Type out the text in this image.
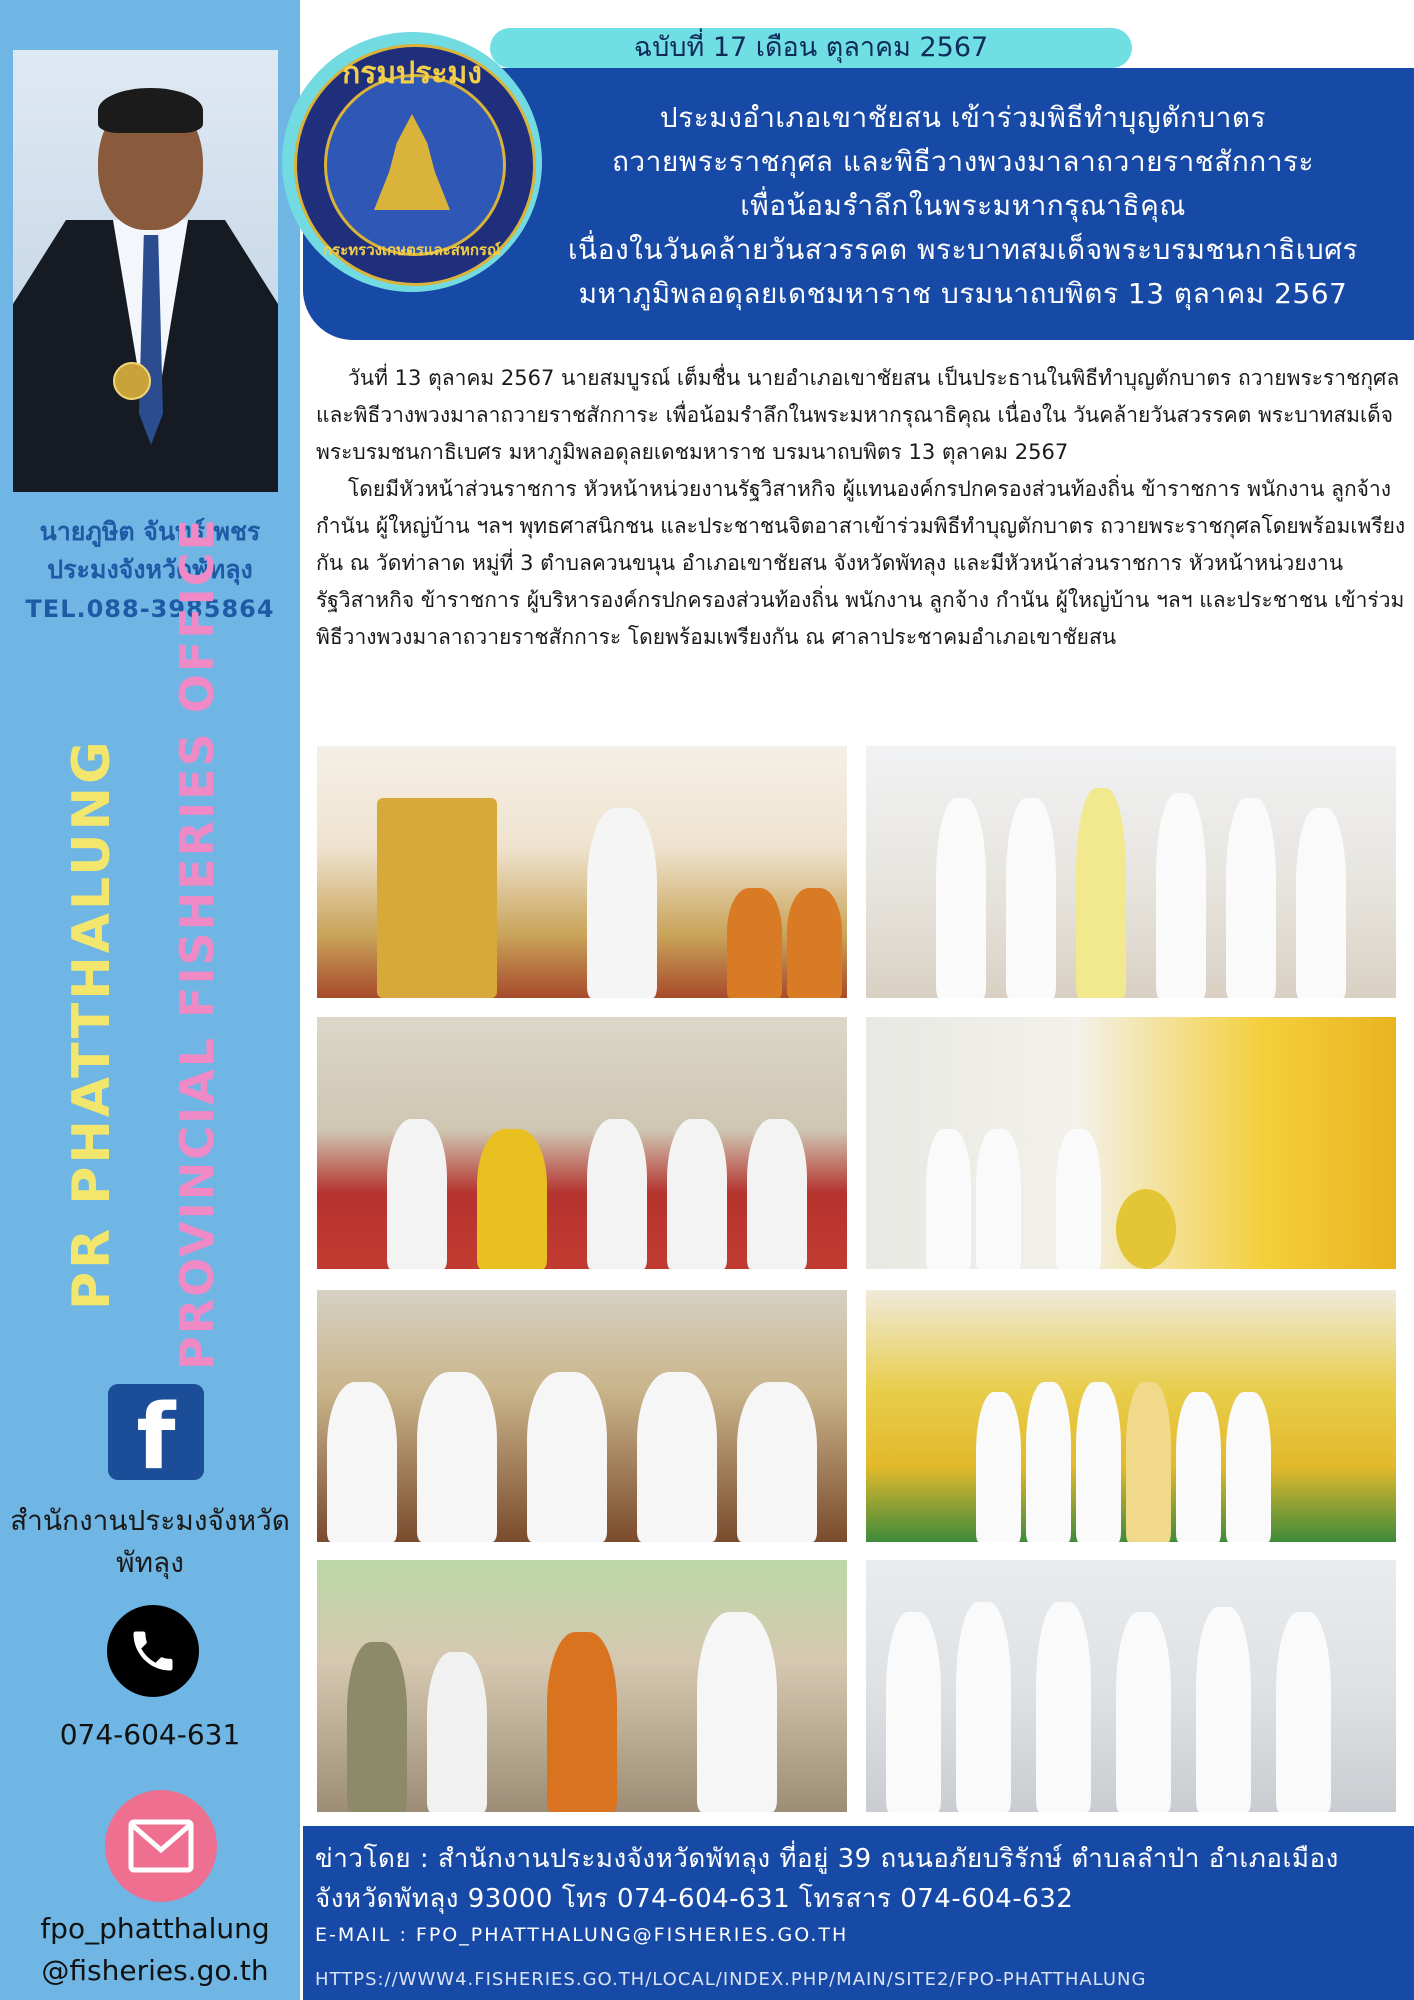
นายภูษิต จันทร์เพชร
ประมงจังหวัดพัทลุง
TEL.088-3985864
PR PHATTHALUNG PROVINCIAL FISHERIES OFFICE
f
สำนักงานประมงจังหวัด พัทลุง
074-604-631
fpo_phatthalung
@fisheries.go.th
ฉบับที่ 17 เดือน ตุลาคม 2567
ประมงอำเภอเขาชัยสน เข้าร่วมพิธีทำบุญตักบาตร
ถวายพระราชกุศล และพิธีวางพวงมาลาถวายราชสักการะ
เพื่อน้อมรำลึกในพระมหากรุณาธิคุณ
เนื่องในวันคล้ายวันสวรรคต พระบาทสมเด็จพระบรมชนกาธิเบศร
มหาภูมิพลอดุลยเดชมหาราช บรมนาถบพิตร 13 ตุลาคม 2567
กรมประมง
กระทรวงเกษตรและสหกรณ์

วันที่ 13 ตุลาคม 2567 นายสมบูรณ์ เต็มชื่น นายอำเภอเขาชัยสน เป็นประธานในพิธีทำบุญตักบาตร ถวายพระราชกุศล และพิธีวางพวงมาลาถวายราชสักการะ เพื่อน้อมรำลึกในพระมหากรุณาธิคุณ เนื่องใน วันคล้ายวันสวรรคต พระบาทสมเด็จพระบรมชนกาธิเบศร มหาภูมิพลอดุลยเดชมหาราช บรมนาถบพิตร 13 ตุลาคม 2567

โดยมีหัวหน้าส่วนราชการ หัวหน้าหน่วยงานรัฐวิสาหกิจ ผู้แทนองค์กรปกครองส่วนท้องถิ่น ข้าราชการ พนักงาน ลูกจ้าง กำนัน ผู้ใหญ่บ้าน ฯลฯ พุทธศาสนิกชน และประชาชนจิตอาสาเข้าร่วมพิธีทำบุญตักบาตร ถวายพระราชกุศลโดยพร้อมเพรียงกัน ณ วัดท่าลาด หมู่ที่ 3 ตำบลควนขนุน อำเภอเขาชัยสน จังหวัดพัทลุง และมีหัวหน้าส่วนราชการ หัวหน้าหน่วยงานรัฐวิสาหกิจ ข้าราชการ ผู้บริหารองค์กรปกครองส่วนท้องถิ่น พนักงาน ลูกจ้าง กำนัน ผู้ใหญ่บ้าน ฯลฯ และประชาชน เข้าร่วมพิธีวางพวงมาลาถวายราชสักการะ โดยพร้อมเพรียงกัน ณ ศาลาประชาคมอำเภอเขาชัยสน

ข่าวโดย : สำนักงานประมงจังหวัดพัทลุง ที่อยู่ 39 ถนนอภัยบริรักษ์ ตำบลลำป่า อำเภอเมือง
จังหวัดพัทลุง 93000 โทร 074-604-631 โทรสาร 074-604-632
E-MAIL : FPO_PHATTHALUNG@FISHERIES.GO.TH
HTTPS://WWW4.FISHERIES.GO.TH/LOCAL/INDEX.PHP/MAIN/SITE2/FPO-PHATTHALUNG
